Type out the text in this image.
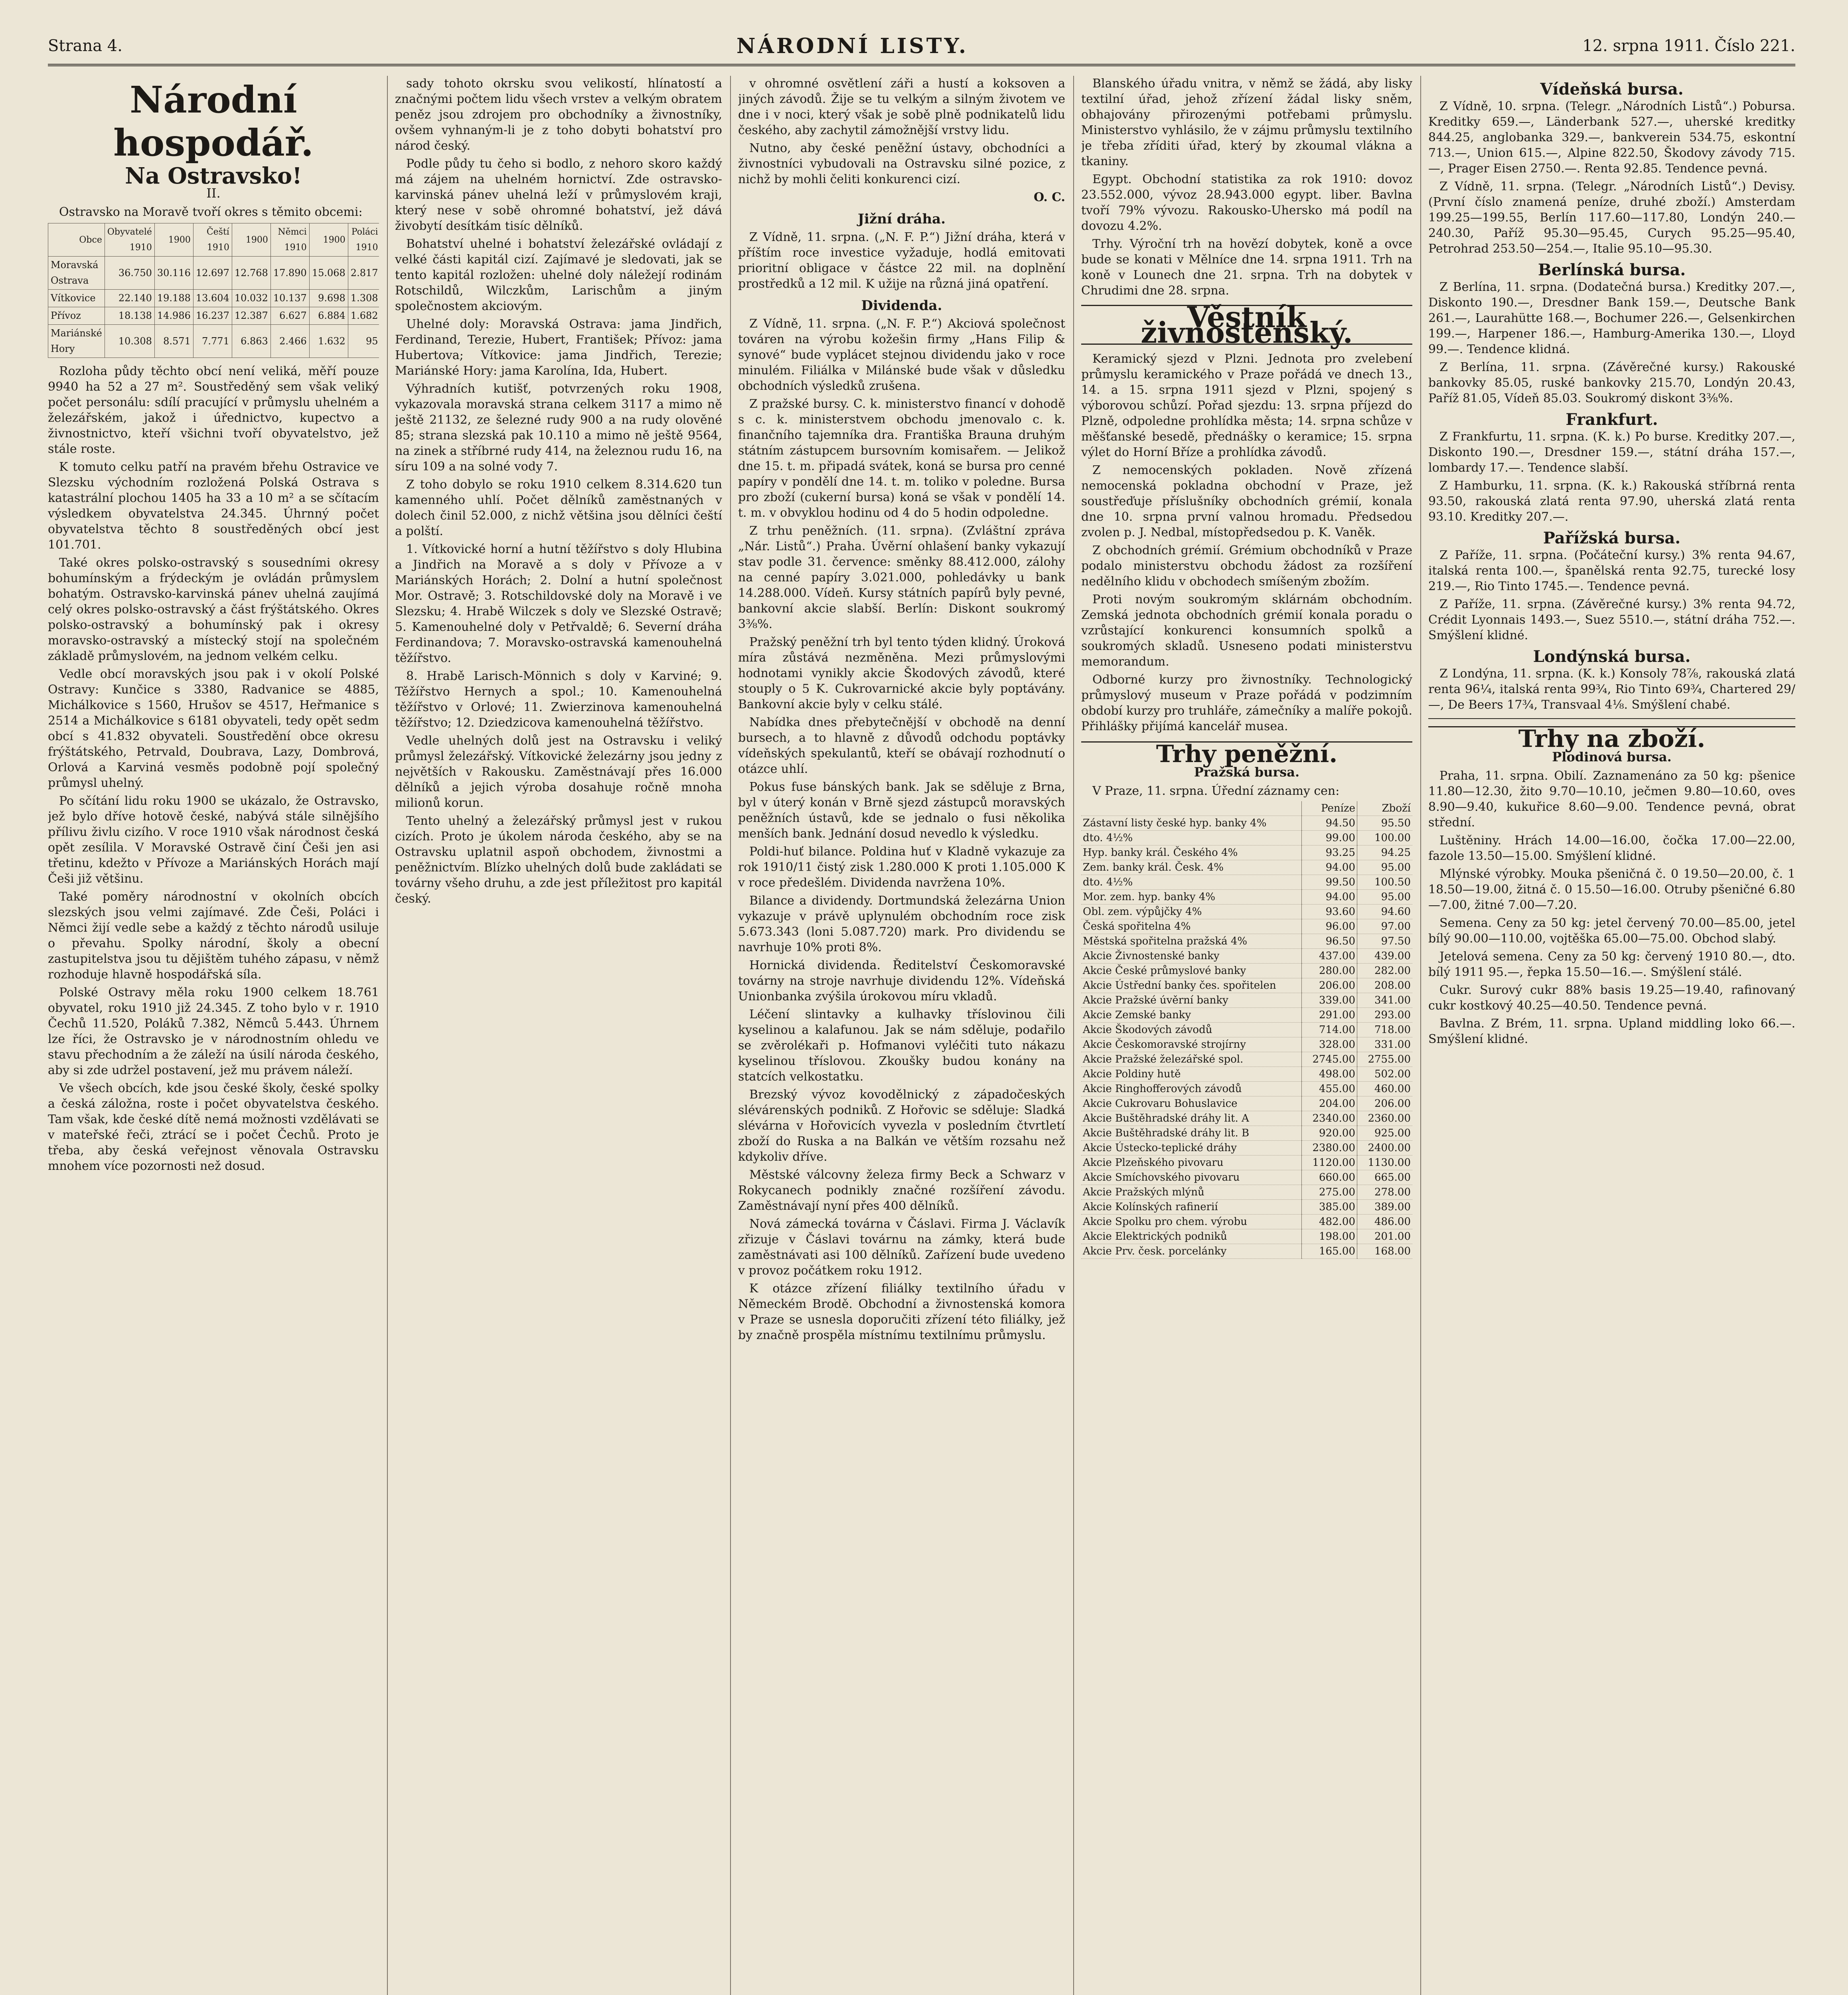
Strana 4.	NÁRODNÍ LISTY.	12. srpna 1911. Číslo 221.
Národní hospodář.
Na Ostravsko!
II.

Ostravsko na Moravě tvoří okres s těmito obcemi:

Obce	Obyvatelé 1910	1900	Čeští 1910	1900	Němci 1910	1900	Poláci 1910	
Moravská Ostrava	36.750	30.116	12.697	12.768	17.890	15.068	2.817	
Vítkovice	22.140	19.188	13.604	10.032	10.137	9.698	1.308	
Přívoz	18.138	14.986	16.237	12.387	6.627	6.884	1.682	
Mariánské Hory	10.308	8.571	7.771	6.863	2.466	1.632	95	

Rozloha půdy těchto obcí není veliká, měří pouze 9940 ha 52 a 27 m². Soustředěný sem však veliký počet personálu: sdílí pracující v průmyslu uhelném a železářském, jakož i úřednictvo, kupectvo a živnostnictvo, kteří všichni tvoří obyvatelstvo, jež stále roste.

K tomuto celku patří na pravém břehu Ostravice ve Slezsku východním rozložená Polská Ostrava s katastrální plochou 1405 ha 33 a 10 m² a se sčítacím výsledkem obyvatelstva 24.345. Úhrnný počet obyvatelstva těchto 8 soustředěných obcí jest 101.701.

Také okres polsko-ostravský s sousedními okresy bohumínským a frýdeckým je ovládán průmyslem bohatým. Ostravsko-karvinská pánev uhelná zaujímá celý okres polsko-ostravský a část frýštátského. Okres polsko-ostravský a bohumínský pak i okresy moravsko-ostravský a místecký stojí na společném základě průmyslovém, na jednom velkém celku.

Vedle obcí moravských jsou pak i v okolí Polské Ostravy: Kunčice s 3380, Radvanice se 4885, Michálkovice s 1560, Hrušov se 4517, Heřmanice s 2514 a Michálkovice s 6181 obyvateli, tedy opět sedm obcí s 41.832 obyvateli. Soustředění obce okresu frýštátského, Petrvald, Doubrava, Lazy, Dombrová, Orlová a Karviná vesměs podobně pojí společný průmysl uhelný.

Po sčítání lidu roku 1900 se ukázalo, že Ostravsko, jež bylo dříve hotově české, nabývá stále silnějšího přílivu živlu cizího. V roce 1910 však národnost česká opět zesílila. V Moravské Ostravě činí Češi jen asi třetinu, kdežto v Přívoze a Mariánských Horách mají Češi již většinu.

Také poměry národnostní v okolních obcích slezských jsou velmi zajímavé. Zde Češi, Poláci i Němci žijí vedle sebe a každý z těchto národů usiluje o převahu. Spolky národní, školy a obecní zastupitelstva jsou tu dějištěm tuhého zápasu, v němž rozhoduje hlavně hospodářská síla.

Polské Ostravy měla roku 1900 celkem 18.761 obyvatel, roku 1910 již 24.345. Z toho bylo v r. 1910 Čechů 11.520, Poláků 7.382, Němců 5.443. Úhrnem lze říci, že Ostravsko je v národnostním ohledu ve stavu přechodním a že záleží na úsilí národa českého, aby si zde udržel postavení, jež mu právem náleží.

Ve všech obcích, kde jsou české školy, české spolky a česká záložna, roste i počet obyvatelstva českého. Tam však, kde české dítě nemá možnosti vzdělávati se v mateřské řeči, ztrácí se i počet Čechů. Proto je třeba, aby česká veřejnost věnovala Ostravsku mnohem více pozornosti než dosud.

sady tohoto okrsku svou velikostí, hlínatostí a značnými počtem lidu všech vrstev a velkým obratem peněz jsou zdrojem pro obchodníky a živnostníky, ovšem vyhnaným-li je z toho dobyti bohatství pro národ český.

Podle půdy tu čeho si bodlo, z nehoro skoro každý má zájem na uhelném hornictví. Zde ostravsko-karvinská pánev uhelná leží v průmyslovém kraji, který nese v sobě ohromné bohatství, jež dává živobytí desítkám tisíc dělníků.

Bohatství uhelné i bohatství železářské ovládají z velké části kapitál cizí. Zajímavé je sledovati, jak se tento kapitál rozložen: uhelné doly náležejí rodinám Rotschildů, Wilczkům, Larischům a jiným společnostem akciovým.

Uhelné doly: Moravská Ostrava: jama Jindřich, Ferdinand, Terezie, Hubert, František; Přívoz: jama Hubertova; Vítkovice: jama Jindřich, Terezie; Mariánské Hory: jama Karolína, Ida, Hubert.

Výhradních kutišť, potvrzených roku 1908, vykazovala moravská strana celkem 3117 a mimo ně ještě 21132, ze šelezné rudy 900 a na rudy olověné 85; strana slezská pak 10.110 a mimo ně ještě 9564, na zinek a stříbrné rudy 414, na železnou rudu 16, na síru 109 a na solné vody 7.

Z toho dobylo se roku 1910 celkem 8.314.620 tun kamenného uhlí. Počet dělníků zaměstnaných v dolech činil 52.000, z nichž většina jsou dělníci čeští a polští.

1. Vítkovické horní a hutní těžířstvo s doly Hlubina a Jindřich na Moravě a s doly v Přívoze a v Mariánských Horách; 2. Dolní a hutní společnost Mor. Ostravě; 3. Rotschildovské doly na Moravě i ve Slezsku; 4. Hrabě Wilczek s doly ve Slezské Ostravě; 5. Kamenouhelné doly v Petřvaldě; 6. Severní dráha Ferdinandova; 7. Moravsko-ostravská kamenouhelná těžířstvo.

8. Hrabě Larisch-Mönnich s doly v Karviné; 9. Těžířstvo Hernych a spol.; 10. Kamenouhelná těžířstvo v Orlové; 11. Zwierzinova kamenouhelná těžířstvo; 12. Dziedzicova kamenouhelná těžířstvo.

Vedle uhelných dolů jest na Ostravsku i veliký průmysl železářský. Vítkovické železárny jsou jedny z největších v Rakousku. Zaměstnávají přes 16.000 dělníků a jejich výroba dosahuje ročně mnoha milionů korun.

Tento uhelný a železářský průmysl jest v rukou cizích. Proto je úkolem národa českého, aby se na Ostravsku uplatnil aspoň obchodem, živnostmi a peněžnictvím. Blízko uhelných dolů bude zakládati se továrny všeho druhu, a zde jest příležitost pro kapitál český.

v ohromné osvětlení záři a hustí a koksoven a jiných závodů. Žije se tu velkým a silným životem ve dne i v noci, který však je sobě plně podnikatelů lidu českého, aby zachytil zámožnější vrstvy lidu.

Nutno, aby české peněžní ústavy, obchodníci a živnostníci vybudovali na Ostravsku silné pozice, z nichž by mohli čeliti konkurenci cizí.

O. C.
Jižní dráha.

Z Vídně, 11. srpna. („N. F. P.“) Jižní dráha, která v příštím roce investice vyžaduje, hodlá emitovati prioritní obligace v částce 22 mil. na doplnění prostředků a 12 mil. K užije na různá jiná opatření.

Dividenda.

Z Vídně, 11. srpna. („N. F. P.“) Akciová společnost továren na výrobu kožešin firmy „Hans Filip & synové“ bude vyplácet stejnou dividendu jako v roce minulém. Filiálka v Milánské bude však v důsledku obchodních výsledků zrušena.

Z pražské bursy. C. k. ministerstvo financí v dohodě s c. k. ministerstvem obchodu jmenovalo c. k. finančního tajemníka dra. Františka Brauna druhým státním zástupcem bursovním komisařem. — Jelikož dne 15. t. m. připadá svátek, koná se bursa pro cenné papíry v pondělí dne 14. t. m. toliko v poledne. Bursa pro zboží (cukerní bursa) koná se však v pondělí 14. t. m. v obvyklou hodinu od 4 do 5 hodin odpoledne.

Z trhu peněžních. (11. srpna). (Zvláštní zpráva „Nár. Listů“.) Praha. Úvěrní ohlašení banky vykazují stav podle 31. července: směnky 88.412.000, zálohy na cenné papíry 3.021.000, pohledávky u bank 14.288.000. Vídeň. Kursy státních papírů byly pevné, bankovní akcie slabší. Berlín: Diskont soukromý 3⅜%.

Pražský peněžní trh byl tento týden klidný. Úroková míra zůstává nezměněna. Mezi průmyslovými hodnotami vynikly akcie Škodových závodů, které stouply o 5 K. Cukrovarnické akcie byly poptávány. Bankovní akcie byly v celku stálé.

Nabídka dnes přebytečnější v obchodě na denní bursech, a to hlavně z důvodů odchodu poptávky vídeňských spekulantů, kteří se obávají rozhodnutí o otázce uhlí.

Pokus fuse bánských bank. Jak se sděluje z Brna, byl v úterý konán v Brně sjezd zástupců moravských peněžních ústavů, kde se jednalo o fusi několika menších bank. Jednání dosud nevedlo k výsledku.

Poldi-huť bilance. Poldina huť v Kladně vykazuje za rok 1910/11 čistý zisk 1.280.000 K proti 1.105.000 K v roce předešlém. Dividenda navržena 10%.

Bilance a dividendy. Dortmundská železárna Union vykazuje v právě uplynulém obchodním roce zisk 5.673.343 (loni 5.087.720) mark. Pro dividendu se navrhuje 10% proti 8%.

Hornická dividenda. Ředitelství Českomoravské továrny na stroje navrhuje dividendu 12%. Vídeňská Unionbanka zvýšila úrokovou míru vkladů.

Léčení slintavky a kulhavky tříslovinou čili kyselinou a kalafunou. Jak se nám sděluje, podařilo se zvěrolékaři p. Hofmanovi vyléčiti tuto nákazu kyselinou tříslovou. Zkoušky budou konány na statcích velkostatku.

Brezský vývoz kovodělnický z západočeských slévárenských podniků. Z Hořovic se sděluje: Sladká slévárna v Hořovicích vyvezla v posledním čtvrtletí zboží do Ruska a na Balkán ve větším rozsahu než kdykoliv dříve.

Městské válcovny železa firmy Beck a Schwarz v Rokycanech podnikly značné rozšíření závodu. Zaměstnávají nyní přes 400 dělníků.

Nová zámecká továrna v Čáslavi. Firma J. Václavík zřizuje v Čáslavi továrnu na zámky, která bude zaměstnávati asi 100 dělníků. Zařízení bude uvedeno v provoz počátkem roku 1912.

K otázce zřízení filiálky textilního úřadu v Německém Brodě. Obchodní a živnostenská komora v Praze se usnesla doporučiti zřízení této filiálky, jež by značně prospěla místnímu textilnímu průmyslu.

Blanského úřadu vnitra, v němž se žádá, aby lisky textilní úřad, jehož zřízení žádal lisky sněm, obhajovány přirozenými potřebami průmyslu. Ministerstvo vyhlásilo, že v zájmu průmyslu textilního je třeba zříditi úřad, který by zkoumal vlákna a tkaniny.

Egypt. Obchodní statistika za rok 1910: dovoz 23.552.000, vývoz 28.943.000 egypt. liber. Bavlna tvoří 79% vývozu. Rakousko-Uhersko má podíl na dovozu 4.2%.

Trhy. Výroční trh na hovězí dobytek, koně a ovce bude se konati v Mělníce dne 14. srpna 1911. Trh na koně v Lounech dne 21. srpna. Trh na dobytek v Chrudimi dne 28. srpna.

Věstník živnostenský.

Keramický sjezd v Plzni. Jednota pro zvelebení průmyslu keramického v Praze pořádá ve dnech 13., 14. a 15. srpna 1911 sjezd v Plzni, spojený s výborovou schůzí. Pořad sjezdu: 13. srpna příjezd do Plzně, odpoledne prohlídka města; 14. srpna schůze v měšťanské besedě, přednášky o keramice; 15. srpna výlet do Horní Bříze a prohlídka závodů.

Z nemocenských pokladen. Nově zřízená nemocenská pokladna obchodní v Praze, jež soustřeďuje příslušníky obchodních grémií, konala dne 10. srpna první valnou hromadu. Předsedou zvolen p. J. Nedbal, místopředsedou p. K. Vaněk.

Z obchodních grémií. Grémium obchodníků v Praze podalo ministerstvu obchodu žádost za rozšíření nedělního klidu v obchodech smíšeným zbožím.

Proti novým soukromým sklárnám obchodním. Zemská jednota obchodních grémií konala poradu o vzrůstající konkurenci konsumních spolků a soukromých skladů. Usneseno podati ministerstvu memorandum.

Odborné kurzy pro živnostníky. Technologický průmyslový museum v Praze pořádá v podzimním období kurzy pro truhláře, zámečníky a malíře pokojů. Přihlášky přijímá kancelář musea.

Trhy peněžní.
Pražská bursa.

V Praze, 11. srpna. Úřední záznamy cen:

	Peníze	Zboží
Zástavní listy české hyp. banky 4%	94.50	95.50
dto. 4½%	99.00	100.00
Hyp. banky král. Českého 4%	93.25	94.25
Zem. banky král. Česk. 4%	94.00	95.00
dto. 4½%	99.50	100.50
Mor. zem. hyp. banky 4%	94.00	95.00
Obl. zem. výpůjčky 4%	93.60	94.60
Česká spořitelna 4%	96.00	97.00
Městská spořitelna pražská 4%	96.50	97.50
Akcie Živnostenské banky	437.00	439.00
Akcie České průmyslové banky	280.00	282.00
Akcie Ústřední banky čes. spořitelen	206.00	208.00
Akcie Pražské úvěrní banky	339.00	341.00
Akcie Zemské banky	291.00	293.00
Akcie Škodových závodů	714.00	718.00
Akcie Českomoravské strojírny	328.00	331.00
Akcie Pražské železářské spol.	2745.00	2755.00
Akcie Poldiny hutě	498.00	502.00
Akcie Ringhofferových závodů	455.00	460.00
Akcie Cukrovaru Bohuslavice	204.00	206.00
Akcie Buštěhradské dráhy lit. A	2340.00	2360.00
Akcie Buštěhradské dráhy lit. B	920.00	925.00
Akcie Ústecko-teplické dráhy	2380.00	2400.00
Akcie Plzeňského pivovaru	1120.00	1130.00
Akcie Smíchovského pivovaru	660.00	665.00
Akcie Pražských mlýnů	275.00	278.00
Akcie Kolínských rafinerií	385.00	389.00
Akcie Spolku pro chem. výrobu	482.00	486.00
Akcie Elektrických podniků	198.00	201.00
Akcie Prv. česk. porcelánky	165.00	168.00
Vídeňská bursa.

Z Vídně, 10. srpna. (Telegr. „Národních Listů“.) Pobursa. Kreditky 659.—, Länderbank 527.—, uherské kreditky 844.25, anglobanka 329.—, bankverein 534.75, eskontní 713.—, Union 615.—, Alpine 822.50, Škodovy závody 715.—, Prager Eisen 2750.—. Renta 92.85. Tendence pevná.

Z Vídně, 11. srpna. (Telegr. „Národních Listů“.) Devisy. (První číslo znamená peníze, druhé zboží.) Amsterdam 199.25—199.55, Berlín 117.60—117.80, Londýn 240.—240.30, Paříž 95.30—95.45, Curych 95.25—95.40, Petrohrad 253.50—254.—, Italie 95.10—95.30.

Berlínská bursa.

Z Berlína, 11. srpna. (Dodatečná bursa.) Kreditky 207.—, Diskonto 190.—, Dresdner Bank 159.—, Deutsche Bank 261.—, Laurahütte 168.—, Bochumer 226.—, Gelsenkirchen 199.—, Harpener 186.—, Hamburg-Amerika 130.—, Lloyd 99.—. Tendence klidná.

Z Berlína, 11. srpna. (Závěrečné kursy.) Rakouské bankovky 85.05, ruské bankovky 215.70, Londýn 20.43, Paříž 81.05, Vídeň 85.03. Soukromý diskont 3⅜%.

Frankfurt.

Z Frankfurtu, 11. srpna. (K. k.) Po burse. Kreditky 207.—, Diskonto 190.—, Dresdner 159.—, státní dráha 157.—, lombardy 17.—. Tendence slabší.

Z Hamburku, 11. srpna. (K. k.) Rakouská stříbrná renta 93.50, rakouská zlatá renta 97.90, uherská zlatá renta 93.10. Kreditky 207.—.

Pařížská bursa.

Z Paříže, 11. srpna. (Počáteční kursy.) 3% renta 94.67, italská renta 100.—, španělská renta 92.75, turecké losy 219.—, Rio Tinto 1745.—. Tendence pevná.

Z Paříže, 11. srpna. (Závěrečné kursy.) 3% renta 94.72, Crédit Lyonnais 1493.—, Suez 5510.—, státní dráha 752.—. Smýšlení klidné.

Londýnská bursa.

Z Londýna, 11. srpna. (K. k.) Konsoly 78⅞, rakouská zlatá renta 96¼, italská renta 99¾, Rio Tinto 69¾, Chartered 29/—, De Beers 17¾, Transvaal 4⅛. Smýšlení chabé.

Trhy na zboží.
Plodinová bursa.

Praha, 11. srpna. Obilí. Zaznamenáno za 50 kg: pšenice 11.80—12.30, žito 9.70—10.10, ječmen 9.80—10.60, oves 8.90—9.40, kukuřice 8.60—9.00. Tendence pevná, obrat střední.

Luštěniny. Hrách 14.00—16.00, čočka 17.00—22.00, fazole 13.50—15.00. Smýšlení klidné.

Mlýnské výrobky. Mouka pšeničná č. 0 19.50—20.00, č. 1 18.50—19.00, žitná č. 0 15.50—16.00. Otruby pšeničné 6.80—7.00, žitné 7.00—7.20.

Semena. Ceny za 50 kg: jetel červený 70.00—85.00, jetel bílý 90.00—110.00, vojtěška 65.00—75.00. Obchod slabý.

Jetelová semena. Ceny za 50 kg: červený 1910 80.—, dto. bílý 1911 95.—, řepka 15.50—16.—. Smýšlení stálé.

Cukr. Surový cukr 88% basis 19.25—19.40, rafinovaný cukr kostkový 40.25—40.50. Tendence pevná.

Bavlna. Z Brém, 11. srpna. Upland middling loko 66.—. Smýšlení klidné.
